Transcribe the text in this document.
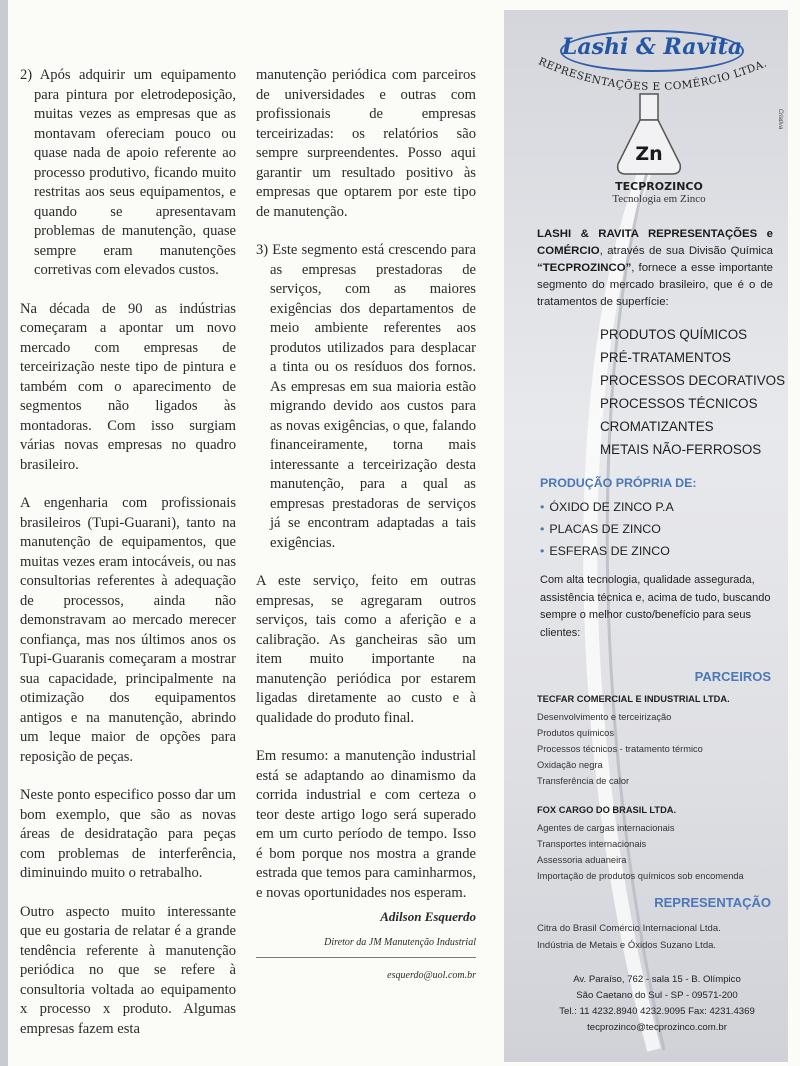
2) Após adquirir um equipamento para pintura por eletrodeposição, muitas vezes as empresas que as montavam ofereciam pouco ou quase nada de apoio referente ao processo produtivo, ficando muito restritas aos seus equipamentos, e quando se apresentavam problemas de manutenção, quase sempre eram manutenções corretivas com elevados custos.

Na década de 90 as indústrias começaram a apontar um novo mercado com empresas de terceirização neste tipo de pintura e também com o aparecimento de segmentos não ligados às montadoras. Com isso surgiam várias novas empresas no quadro brasileiro.

A engenharia com profissionais brasileiros (Tupi-Guarani), tanto na manutenção de equipamentos, que muitas vezes eram intocáveis, ou nas consultorias referentes à adequação de processos, ainda não demonstravam ao mercado merecer confiança, mas nos últimos anos os Tupi-Guaranis começaram a mostrar sua capacidade, principalmente na otimização dos equipamentos antigos e na manutenção, abrindo um leque maior de opções para reposição de peças.

Neste ponto especifico posso dar um bom exemplo, que são as novas áreas de desidratação para peças com problemas de interferência, diminuindo muito o retrabalho.

Outro aspecto muito interessante que eu gostaria de relatar é a grande tendência referente à manutenção periódica no que se refere à consultoria voltada ao equipamento x processo x produto. Algumas empresas fazem esta

manutenção periódica com parceiros de universidades e outras com profissionais de empresas terceirizadas: os relatórios são sempre surpreendentes. Posso aqui garantir um resultado positivo às empresas que optarem por este tipo de manutenção.

3) Este segmento está crescendo para as empresas prestadoras de serviços, com as maiores exigências dos departamentos de meio ambiente referentes aos produtos utilizados para desplacar a tinta ou os resíduos dos fornos. As empresas em sua maioria estão migrando devido aos custos para as novas exigências, o que, falando financeiramente, torna mais interessante a terceirização desta manutenção, para a qual as empresas prestadoras de serviços já se encontram adaptadas a tais exigências.

A este serviço, feito em outras empresas, se agregaram outros serviços, tais como a aferição e a calibração. As gancheiras são um item muito importante na manutenção periódica por estarem ligadas diretamente ao custo e à qualidade do produto final.

Em resumo: a manutenção industrial está se adaptando ao dinamismo da corrida industrial e com certeza o teor deste artigo logo será superado em um curto período de tempo. Isso é bom porque nos mostra a grande estrada que temos para caminharmos, e novas oportunidades nos esperam.

Adilson Esquerdo
Diretor da JM Manutenção Industrial
esquerdo@uol.com.br
REPRESENTAÇÕES E COMÉRCIO LTDA.
Lashi & Ravita
Zn
TECPROZINCO
Tecnologia em Zinco
LASHI & RAVITA REPRESENTAÇÕES e COMÉRCIO, através de sua Divisão Química “TECPROZINCO”, fornece a esse importante segmento do mercado brasileiro, que é o de tratamentos de superfície:
PRODUTOS QUÍMICOS
PRÉ-TRATAMENTOS
PROCESSOS DECORATIVOS
PROCESSOS TÉCNICOS
CROMATIZANTES
METAIS NÃO-FERROSOS
PRODUÇÃO PRÓPRIA DE:
• ÓXIDO DE ZINCO P.A
• PLACAS DE ZINCO
• ESFERAS DE ZINCO
Com alta tecnologia, qualidade assegurada, assistência técnica e, acima de tudo, buscando sempre o melhor custo/benefício para seus clientes:
PARCEIROS
TECFAR COMERCIAL E INDUSTRIAL LTDA.
Desenvolvimento e terceirização
Produtos químicos
Processos técnicos - tratamento térmico
Oxidação negra
Transferência de calor
FOX CARGO DO BRASIL LTDA.
Agentes de cargas internacionais
Transportes internacionais
Assessoria aduaneira
Importação de produtos químicos sob encomenda
REPRESENTAÇÃO
Citra do Brasil Comércio Internacional Ltda.
Indústria de Metais e Óxidos Suzano Ltda.
Av. Paraíso, 762 - sala 15 - B. Olímpico
São Caetano do Sul - SP - 09571-200
Tel.: 11 4232.8940 4232.9095 Fax: 4231.4369
tecprozinco@tecprozinco.com.br
Criativa
